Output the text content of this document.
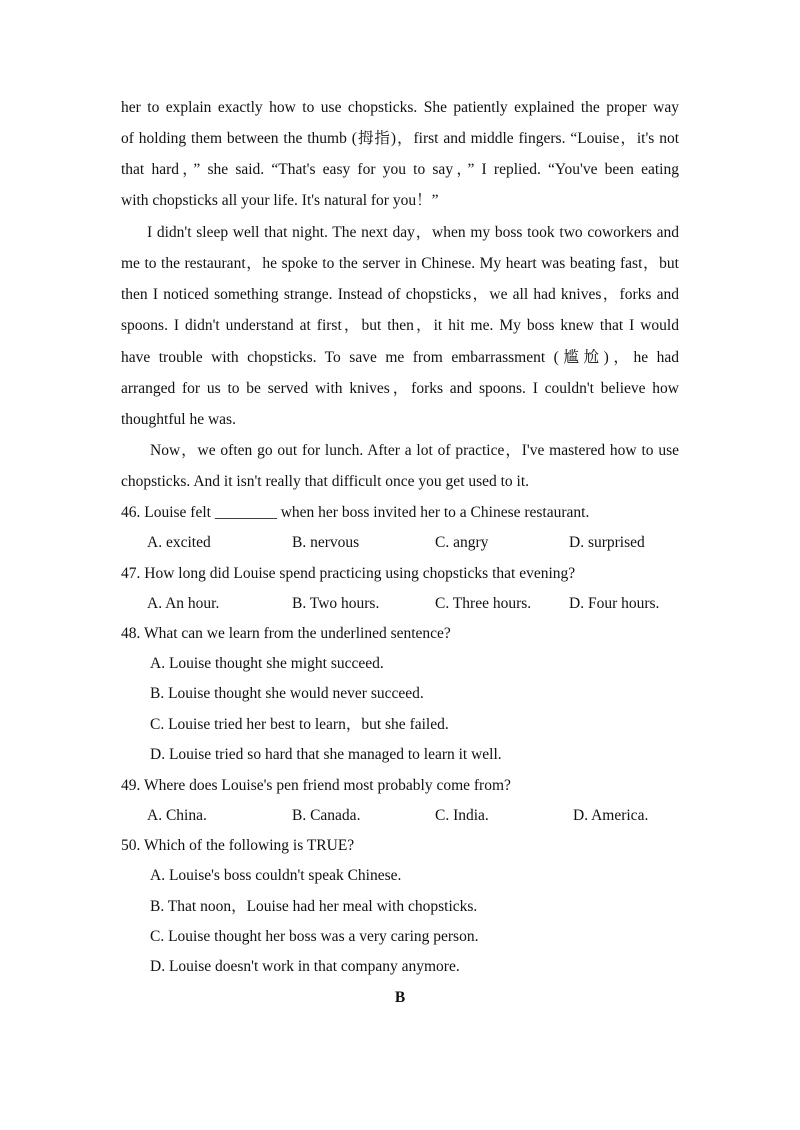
her to explain exactly how to use chopsticks. She patiently explained the proper way
of holding them between the thumb (拇指)，first and middle fingers. “Louise，it's not
that hard，” she said. “That's easy for you to say，” I replied. “You've been eating
with chopsticks all your life. It's natural for you！”
I didn't sleep well that night. The next day，when my boss took two coworkers and
me to the restaurant，he spoke to the server in Chinese. My heart was beating fast，but
then I noticed something strange. Instead of chopsticks，we all had knives，forks and
spoons. I didn't understand at first，but then，it hit me. My boss knew that I would
have trouble with chopsticks. To save me from embarrassment (尴尬)，he had
arranged for us to be served with knives，forks and spoons. I couldn't believe how
thoughtful he was.
Now，we often go out for lunch. After a lot of practice，I've mastered how to use
chopsticks. And it isn't really that difficult once you get used to it.
46. Louise felt ________ when her boss invited her to a Chinese restaurant.
A. excited	B. nervous	C. angry	D. surprised
47. How long did Louise spend practicing using chopsticks that evening?
A. An hour.	B. Two hours.	C. Three hours. D. Four hours.
48. What can we learn from the underlined sentence?
A. Louise thought she might succeed.
B. Louise thought she would never succeed.
C. Louise tried her best to learn，but she failed.
D. Louise tried so hard that she managed to learn it well.
49. Where does Louise's pen friend most probably come from?
A. China.	B. Canada.	C. India.	D. America.
50. Which of the following is TRUE?
A. Louise's boss couldn't speak Chinese.
B. That noon，Louise had her meal with chopsticks.
C. Louise thought her boss was a very caring person.
D. Louise doesn't work in that company anymore.
B
